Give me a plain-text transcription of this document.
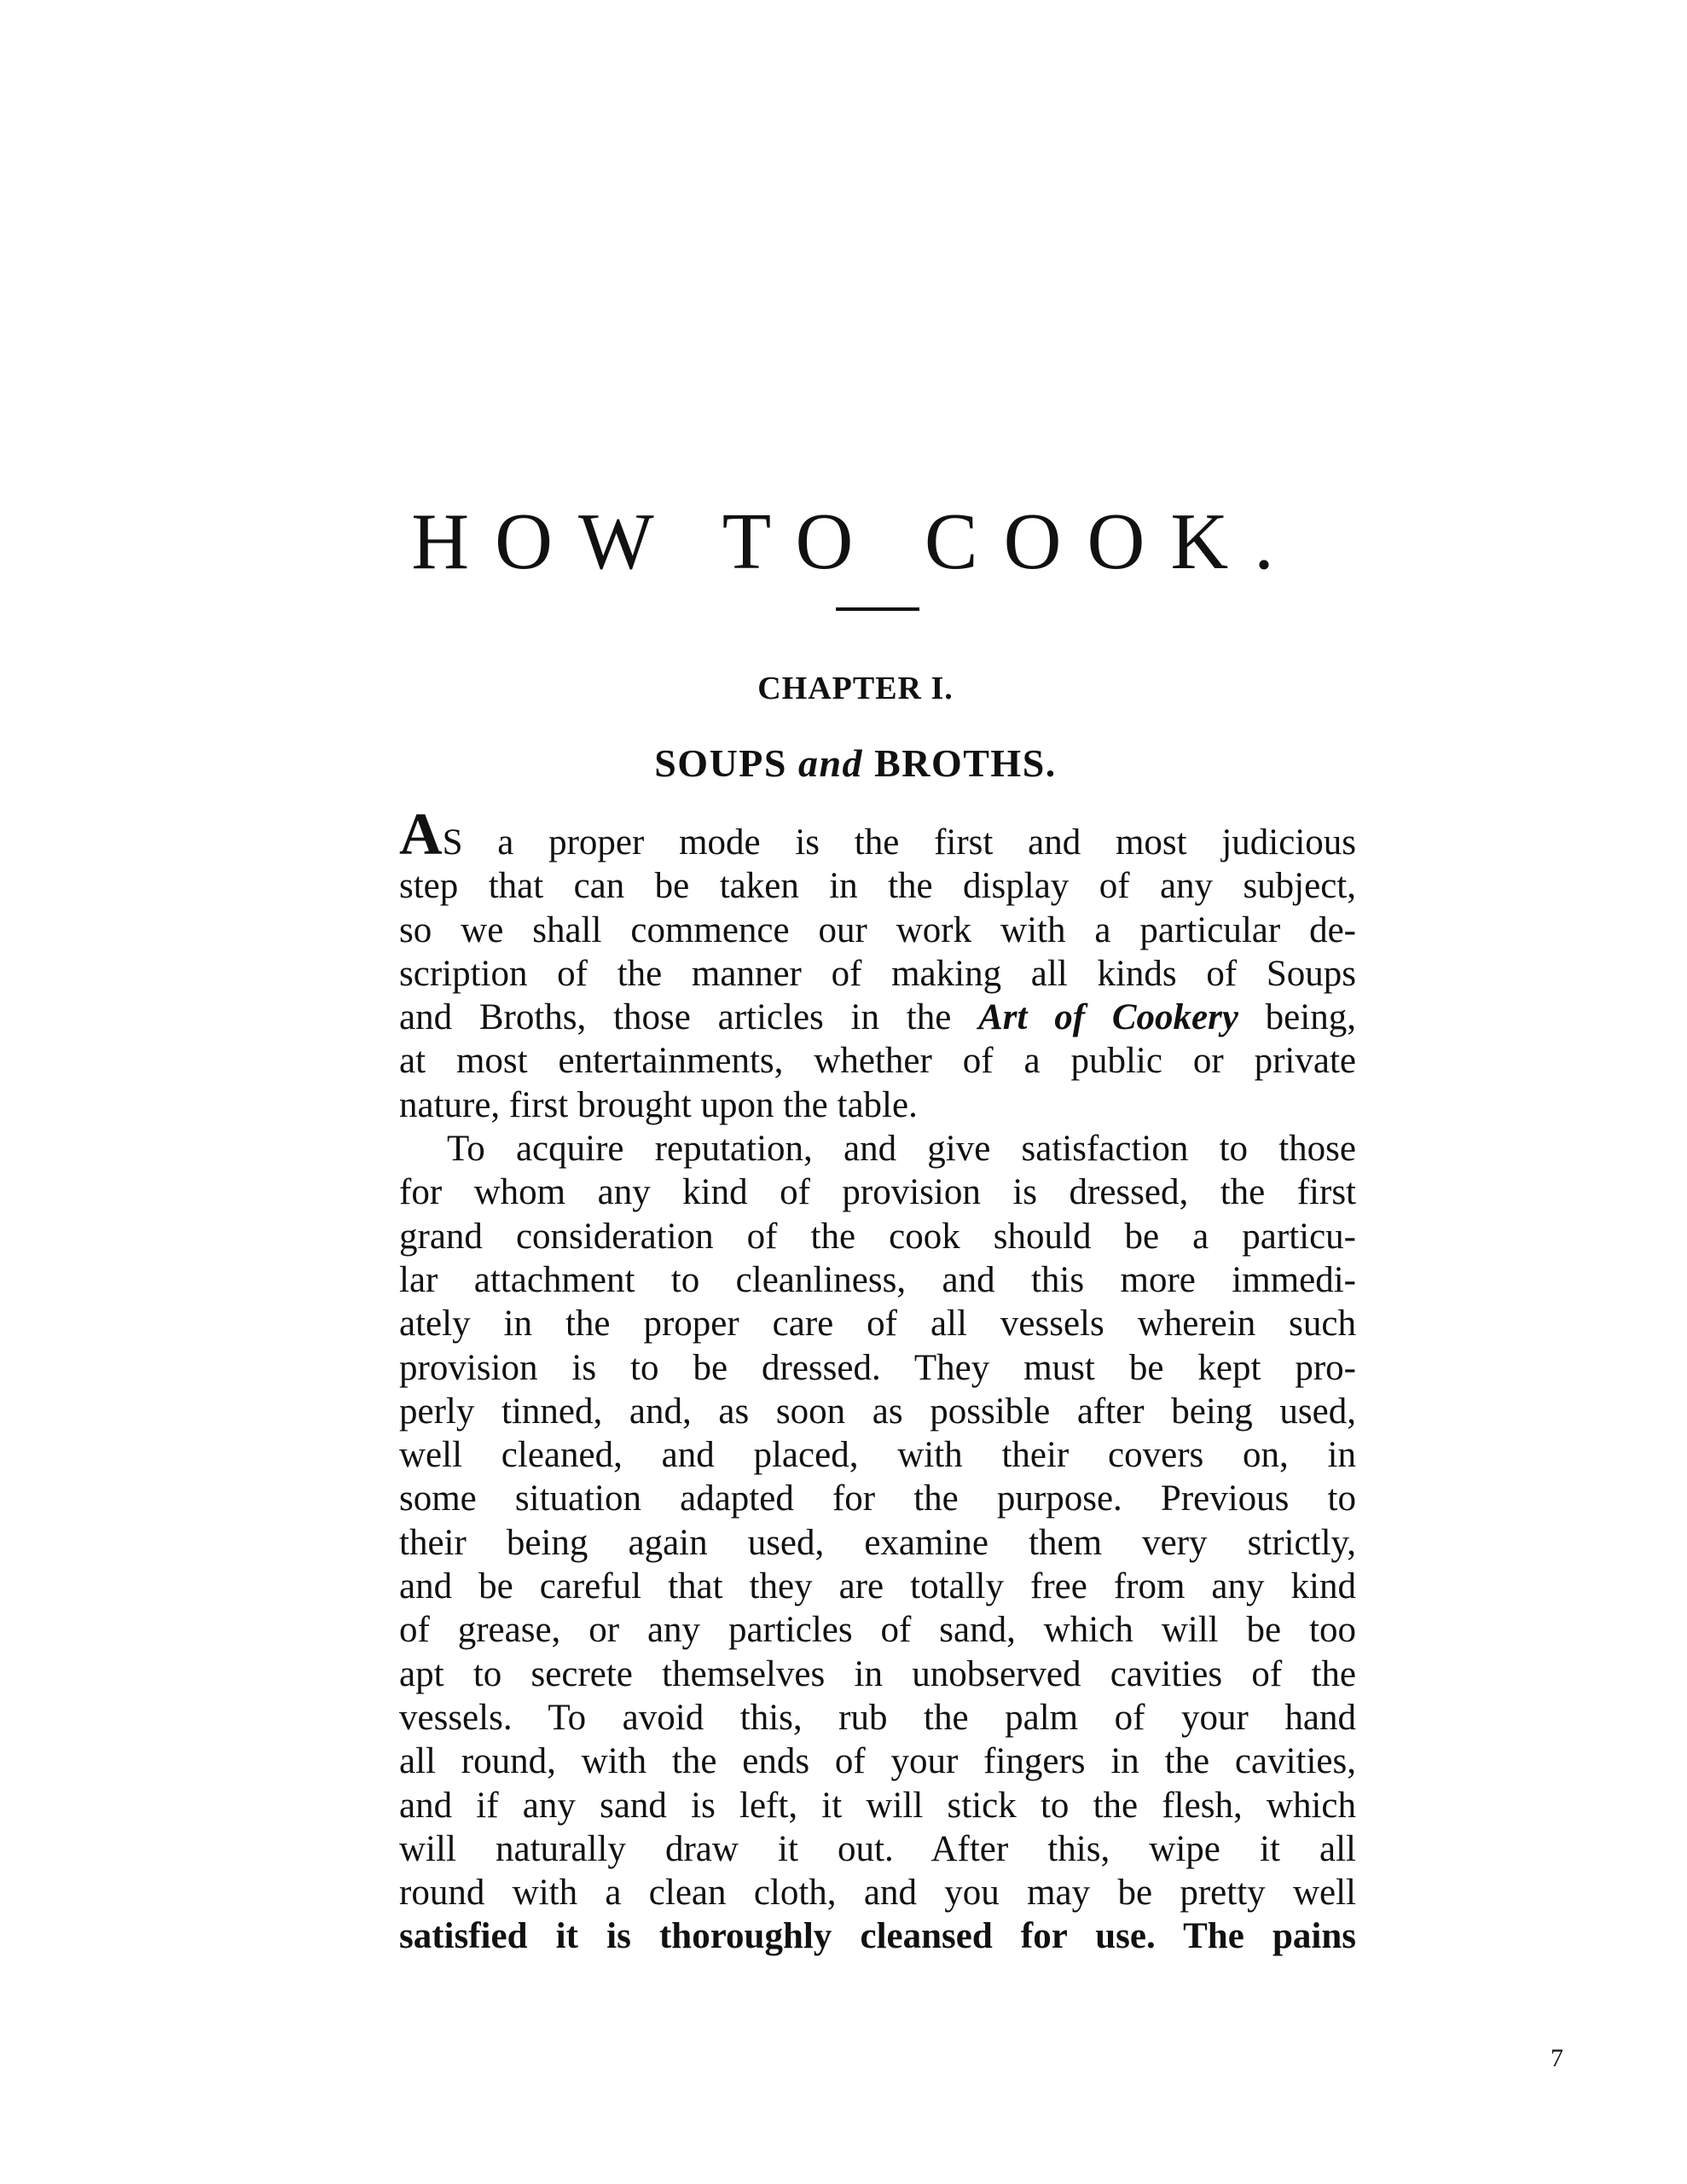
HOW TO COOK.
CHAPTER I.
SOUPS and BROTHS.

AS a proper mode is the first and most judicious
step that can be taken in the display of any subject,
so we shall commence our work with a particular de-
scription of the manner of making all kinds of Soups
and Broths, those articles in the Art of Cookery being,
at most entertainments, whether of a public or private
nature, first brought upon the table.

To acquire reputation, and give satisfaction to those
for whom any kind of provision is dressed, the first
grand consideration of the cook should be a particu-
lar attachment to cleanliness, and this more immedi-
ately in the proper care of all vessels wherein such
provision is to be dressed. They must be kept pro-
perly tinned, and, as soon as possible after being used,
well cleaned, and placed, with their covers on, in
some situation adapted for the purpose. Previous to
their being again used, examine them very strictly,
and be careful that they are totally free from any kind
of grease, or any particles of sand, which will be too
apt to secrete themselves in unobserved cavities of the
vessels. To avoid this, rub the palm of your hand
all round, with the ends of your fingers in the cavities,
and if any sand is left, it will stick to the flesh, which
will naturally draw it out. After this, wipe it all
round with a clean cloth, and you may be pretty well
satisfied it is thoroughly cleansed for use. The pains

7
